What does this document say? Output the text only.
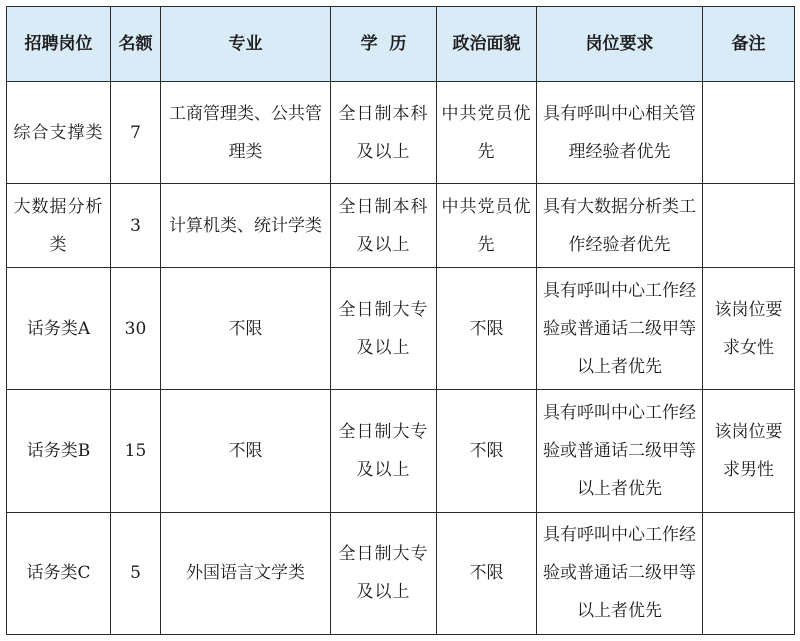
招聘岗位	名额	专业	学  历	政治面貌	岗位要求	备注
综合支撑类	7	工商管理类、公共管理类	全日制本科及以上	中共党员优先	具有呼叫中心相关管理经验者优先	
大数据分析类	3	计算机类、统计学类	全日制本科及以上	中共党员优先	具有大数据分析类工作经验者优先	
话务类A	30	不限	全日制大专及以上	不限	具有呼叫中心工作经验或普通话二级甲等以上者优先	该岗位要求女性
话务类B	15	不限	全日制大专及以上	不限	具有呼叫中心工作经验或普通话二级甲等以上者优先	该岗位要求男性
话务类C	5	外国语言文学类	全日制大专及以上	不限	具有呼叫中心工作经验或普通话二级甲等以上者优先	
